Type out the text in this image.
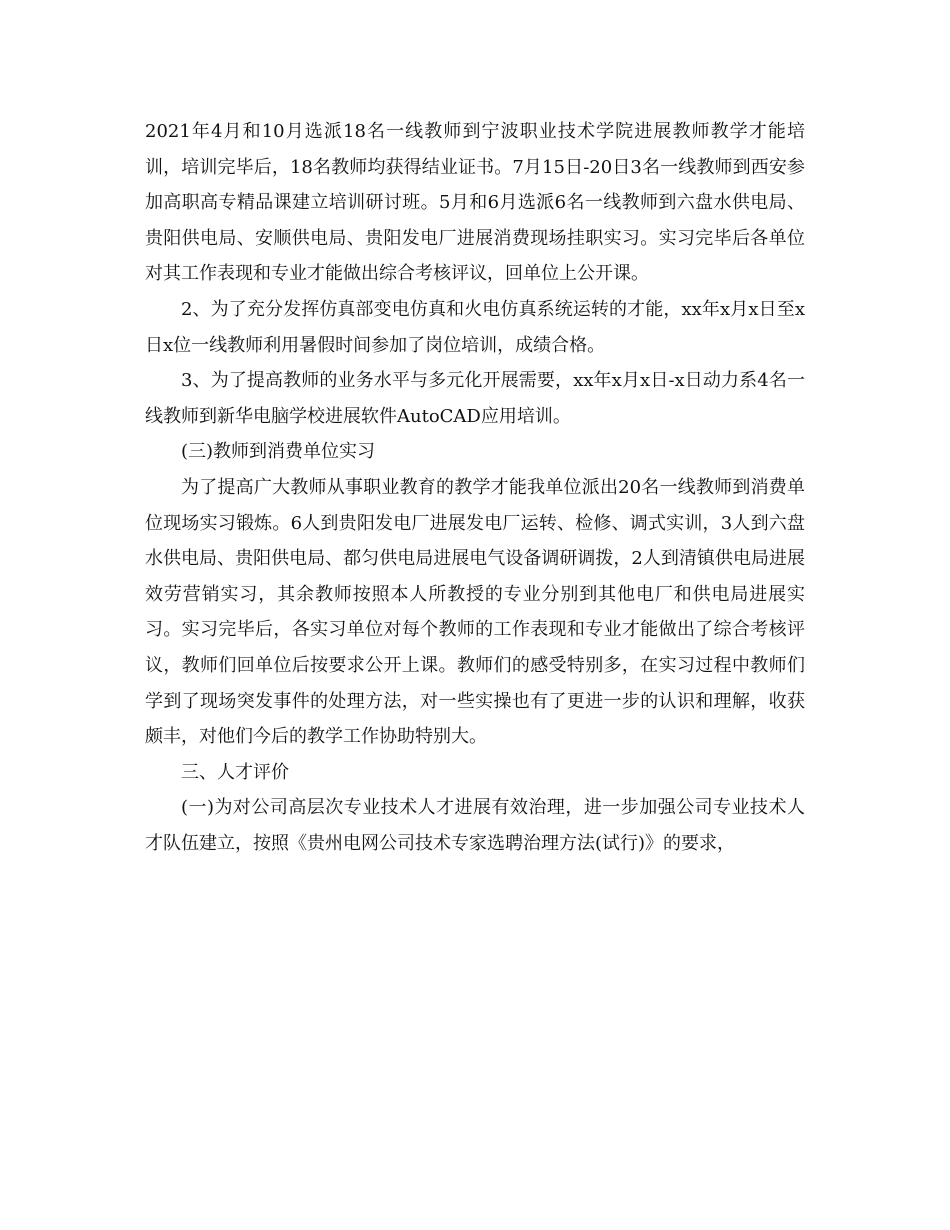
2021年4月和10月选派18名一线教师到宁波职业技术学院进展教师教学才能培训，培训完毕后，18名教师均获得结业证书。7月15日-20日3名一线教师到西安参加高职高专精品课建立培训研讨班。5月和6月选派6名一线教师到六盘水供电局、贵阳供电局、安顺供电局、贵阳发电厂进展消费现场挂职实习。实习完毕后各单位对其工作表现和专业才能做出综合考核评议，回单位上公开课。

2、为了充分发挥仿真部变电仿真和火电仿真系统运转的才能，xx年x月x日至x日x位一线教师利用暑假时间参加了岗位培训，成绩合格。

3、为了提高教师的业务水平与多元化开展需要，xx年x月x日-x日动力系4名一线教师到新华电脑学校进展软件AutoCAD应用培训。

(三)教师到消费单位实习

为了提高广大教师从事职业教育的教学才能我单位派出20名一线教师到消费单位现场实习锻炼。6人到贵阳发电厂进展发电厂运转、检修、调式实训，3人到六盘水供电局、贵阳供电局、都匀供电局进展电气设备调研调拨，2人到清镇供电局进展效劳营销实习，其余教师按照本人所教授的专业分别到其他电厂和供电局进展实习。实习完毕后，各实习单位对每个教师的工作表现和专业才能做出了综合考核评议，教师们回单位后按要求公开上课。教师们的感受特别多，在实习过程中教师们学到了现场突发事件的处理方法，对一些实操也有了更进一步的认识和理解，收获颇丰，对他们今后的教学工作协助特别大。

三、人才评价

(一)为对公司高层次专业技术人才进展有效治理，进一步加强公司专业技术人才队伍建立，按照《贵州电网公司技术专家选聘治理方法(试行)》的要求，
